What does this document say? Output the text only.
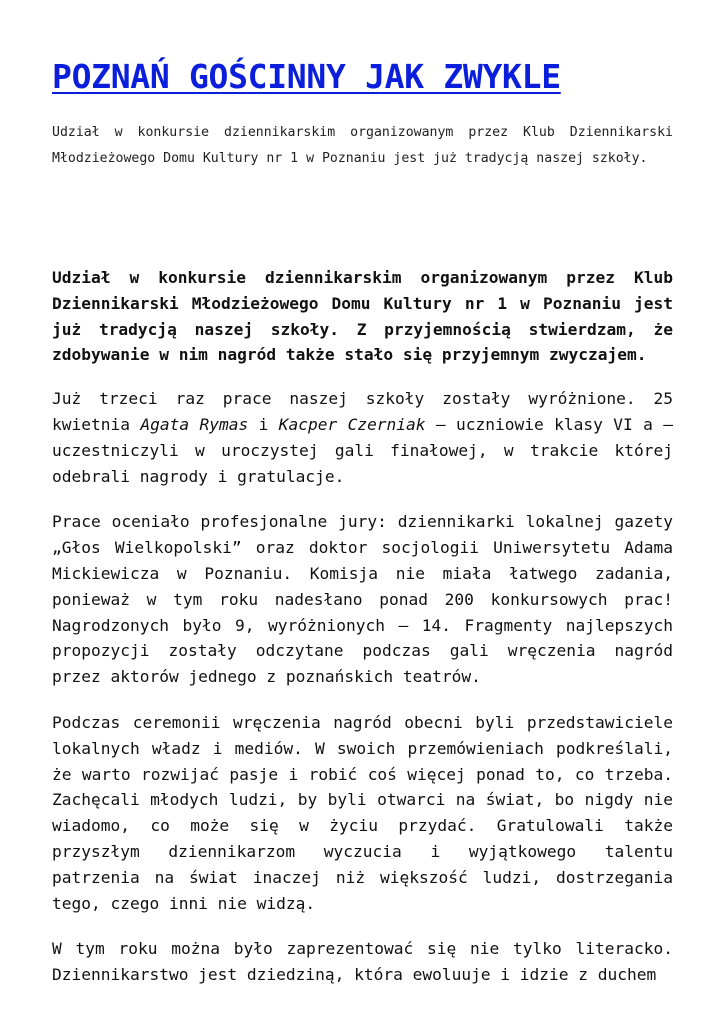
POZNAŃ GOŚCINNY JAK ZWYKLE

Udział w konkursie dziennikarskim organizowanym przez Klub Dziennikarski Młodzieżowego Domu Kultury nr 1 w Poznaniu jest już tradycją naszej szkoły.

Udział w konkursie dziennikarskim organizowanym przez Klub Dziennikarski Młodzieżowego Domu Kultury nr 1 w Poznaniu jest już tradycją naszej szkoły. Z przyjemnością stwierdzam, że zdobywanie w nim nagród także stało się przyjemnym zwyczajem.

Już trzeci raz prace naszej szkoły zostały wyróżnione. 25 kwietnia Agata Rymas i Kacper Czerniak – uczniowie klasy VI a – uczestniczyli w uroczystej gali finałowej, w trakcie której odebrali nagrody i gratulacje.

Prace oceniało profesjonalne jury: dziennikarki lokalnej gazety „Głos Wielkopolski” oraz doktor socjologii Uniwersytetu Adama Mickiewicza w Poznaniu. Komisja nie miała łatwego zadania, ponieważ w tym roku nadesłano ponad 200 konkursowych prac! Nagrodzonych było 9, wyróżnionych – 14. Fragmenty najlepszych propozycji zostały odczytane podczas gali wręczenia nagród przez aktorów jednego z poznańskich teatrów.

Podczas ceremonii wręczenia nagród obecni byli przedstawiciele lokalnych władz i mediów. W swoich przemówieniach podkreślali, że warto rozwijać pasje i robić coś więcej ponad to, co trzeba. Zachęcali młodych ludzi, by byli otwarci na świat, bo nigdy nie wiadomo, co może się w życiu przydać. Gratulowali także przyszłym dziennikarzom wyczucia i wyjątkowego talentu patrzenia na świat inaczej niż większość ludzi, dostrzegania tego, czego inni nie widzą.

W tym roku można było zaprezentować się nie tylko literacko. Dziennikarstwo jest dziedziną, która ewoluuje i idzie z duchem
